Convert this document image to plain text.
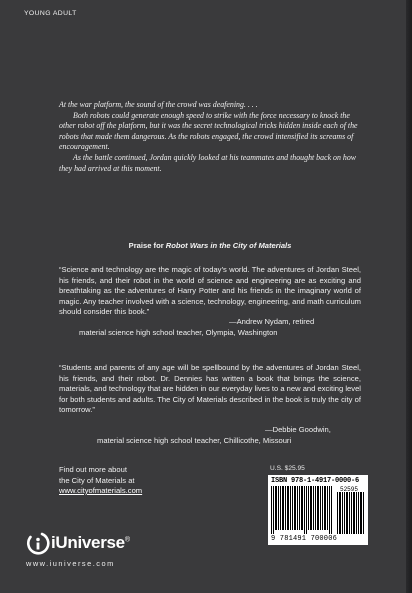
YOUNG ADULT

At the war platform, the sound of the crowd was deafening. . . .

Both robots could generate enough speed to strike with the force necessary to knock the other robot off the platform, but it was the secret technological tricks hidden inside each of the robots that made them dangerous. As the robots engaged, the crowd intensified its screams of encouragement.

As the battle continued, Jordan quickly looked at his teammates and thought back on how they had arrived at this moment.

Praise for Robot Wars in the City of Materials
“Science and technology are the magic of today’s world. The adventures of Jordan Steel, his friends, and their robot in the world of science and engineering are as exciting and breathtaking as the adventures of Harry Potter and his friends in the imaginary world of magic. Any teacher involved with a science, technology, engineering, and math curriculum should consider this book.”
—Andrew Nydam, retired
material science high school teacher, Olympia, Washington
“Students and parents of any age will be spellbound by the adventures of Jordan Steel, his friends, and their robot. Dr. Dennies has written a book that brings the science, materials, and technology that are hidden in our everyday lives to a new and exciting level for both students and adults. The City of Materials described in the book is truly the city of tomorrow.”
—Debbie Goodwin,
material science high school teacher, Chillicothe, Missouri
Find out more about
the City of Materials at
www.cityofmaterials.com
U.S. $25.95
ISBN 978-1-4917-0000-6
52595
9 781491 700006
iUniverse®
www.iuniverse.com
